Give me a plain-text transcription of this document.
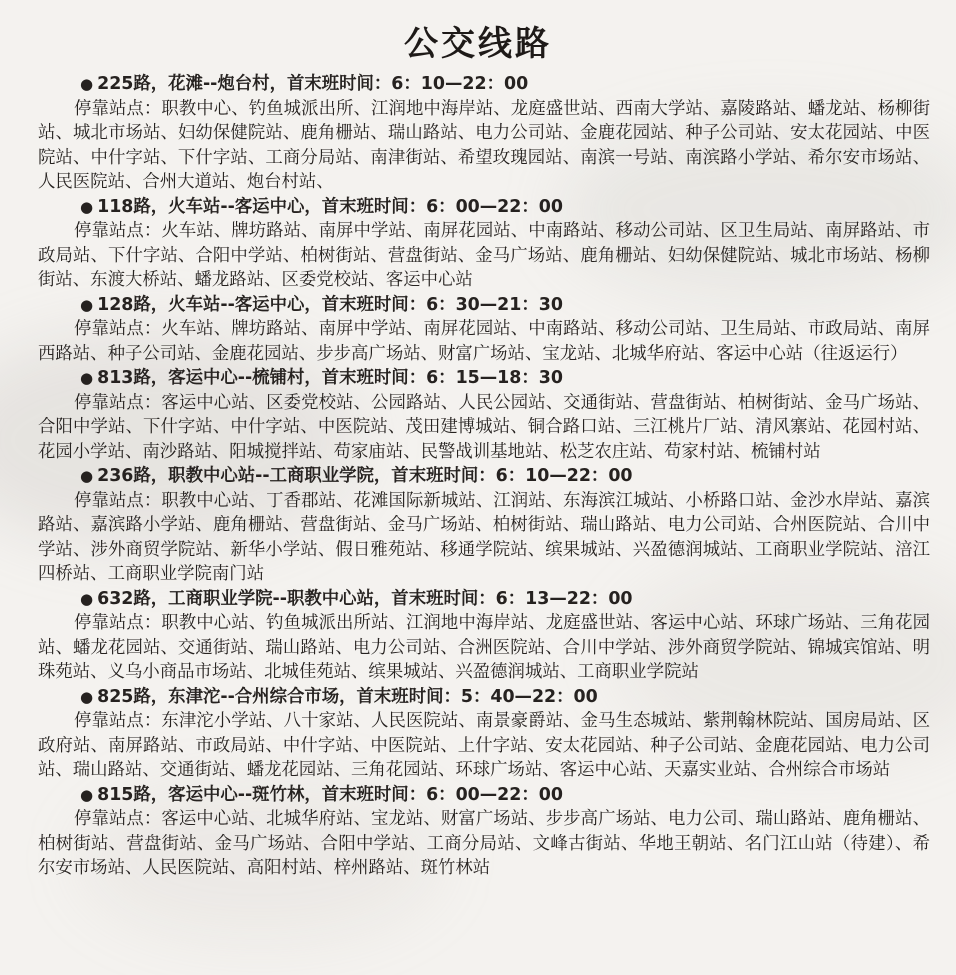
公交线路
● 225路，花滩--炮台村，首末班时间：6：10—22：00
停靠站点：职教中心、钓鱼城派出所、江润地中海岸站、龙庭盛世站、西南大学站、嘉陵路站、蟠龙站、杨柳街站、城北市场站、妇幼保健院站、鹿角栅站、瑞山路站、电力公司站、金鹿花园站、种子公司站、安太花园站、中医院站、中什字站、下什字站、工商分局站、南津街站、希望玫瑰园站、南滨一号站、南滨路小学站、希尔安市场站、人民医院站、合州大道站、炮台村站、
● 118路，火车站--客运中心，首末班时间：6：00—22：00
停靠站点：火车站、牌坊路站、南屏中学站、南屏花园站、中南路站、移动公司站、区卫生局站、南屏路站、市政局站、下什字站、合阳中学站、柏树街站、营盘街站、金马广场站、鹿角栅站、妇幼保健院站、城北市场站、杨柳街站、东渡大桥站、蟠龙路站、区委党校站、客运中心站
● 128路，火车站--客运中心，首末班时间：6：30—21：30
停靠站点：火车站、牌坊路站、南屏中学站、南屏花园站、中南路站、移动公司站、卫生局站、市政局站、南屏西路站、种子公司站、金鹿花园站、步步高广场站、财富广场站、宝龙站、北城华府站、客运中心站（往返运行）
● 813路，客运中心--梳铺村，首末班时间：6：15—18：30
停靠站点：客运中心站、区委党校站、公园路站、人民公园站、交通街站、营盘街站、柏树街站、金马广场站、合阳中学站、下什字站、中什字站、中医院站、茂田建博城站、铜合路口站、三江桃片厂站、清风寨站、花园村站、花园小学站、南沙路站、阳城搅拌站、苟家庙站、民警战训基地站、松芝农庄站、苟家村站、梳铺村站
● 236路，职教中心站--工商职业学院，首末班时间：6：10—22：00
停靠站点：职教中心站、丁香郡站、花滩国际新城站、江润站、东海滨江城站、小桥路口站、金沙水岸站、嘉滨路站、嘉滨路小学站、鹿角栅站、营盘街站、金马广场站、柏树街站、瑞山路站、电力公司站、合州医院站、合川中学站、涉外商贸学院站、新华小学站、假日雅苑站、移通学院站、缤果城站、兴盈德润城站、工商职业学院站、涪江四桥站、工商职业学院南门站
● 632路，工商职业学院--职教中心站，首末班时间：6：13—22：00
停靠站点：职教中心站、钓鱼城派出所站、江润地中海岸站、龙庭盛世站、客运中心站、环球广场站、三角花园站、蟠龙花园站、交通街站、瑞山路站、电力公司站、合洲医院站、合川中学站、涉外商贸学院站、锦城宾馆站、明珠苑站、义乌小商品市场站、北城佳苑站、缤果城站、兴盈德润城站、工商职业学院站
● 825路，东津沱--合州综合市场，首末班时间：5：40—22：00
停靠站点：东津沱小学站、八十家站、人民医院站、南景豪爵站、金马生态城站、紫荆翰林院站、国房局站、区政府站、南屏路站、市政局站、中什字站、中医院站、上什字站、安太花园站、种子公司站、金鹿花园站、电力公司站、瑞山路站、交通街站、蟠龙花园站、三角花园站、环球广场站、客运中心站、天嘉实业站、合州综合市场站
● 815路，客运中心--斑竹林，首末班时间：6：00—22：00
停靠站点：客运中心站、北城华府站、宝龙站、财富广场站、步步高广场站、电力公司、瑞山路站、鹿角栅站、柏树街站、营盘街站、金马广场站、合阳中学站、工商分局站、文峰古街站、华地王朝站、名门江山站（待建）、希尔安市场站、人民医院站、高阳村站、梓州路站、斑竹林站
